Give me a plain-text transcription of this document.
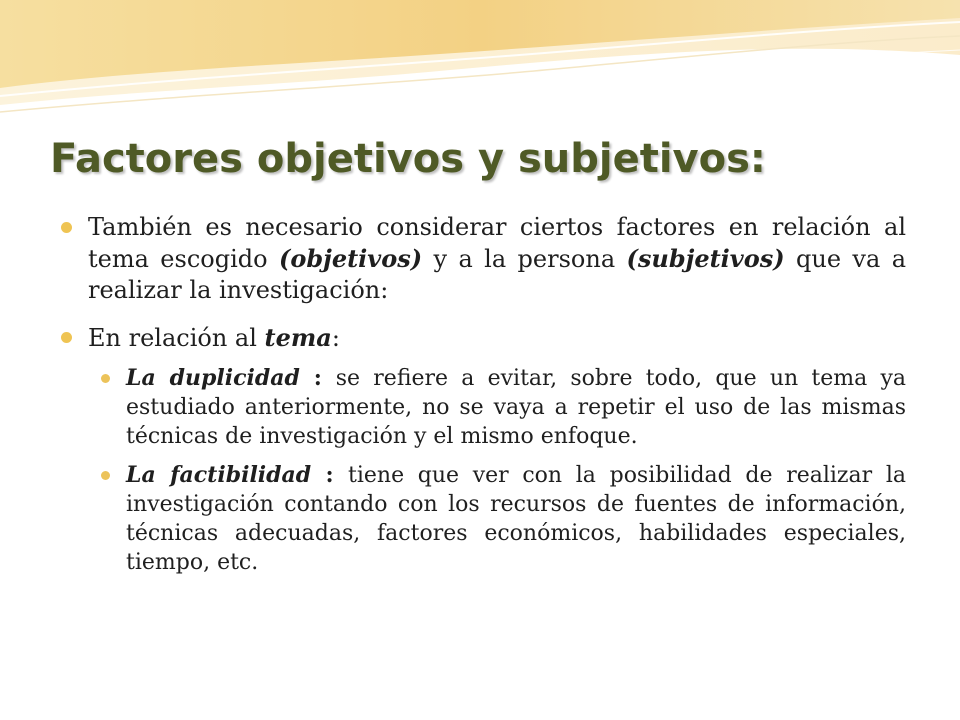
Factores objetivos y subjetivos:
También es necesario considerar ciertos factores en relación al tema escogido (objetivos) y a la persona (subjetivos) que va a realizar la investigación:
En relación al tema:
La duplicidad : se refiere a evitar, sobre todo, que un tema ya estudiado anteriormente, no se vaya a repetir el uso de las mismas técnicas de investigación y el mismo enfoque.
La factibilidad : tiene que ver con la posibilidad de realizar la investigación contando con los recursos de fuentes de información, técnicas adecuadas, factores económicos, habilidades especiales, tiempo, etc.
